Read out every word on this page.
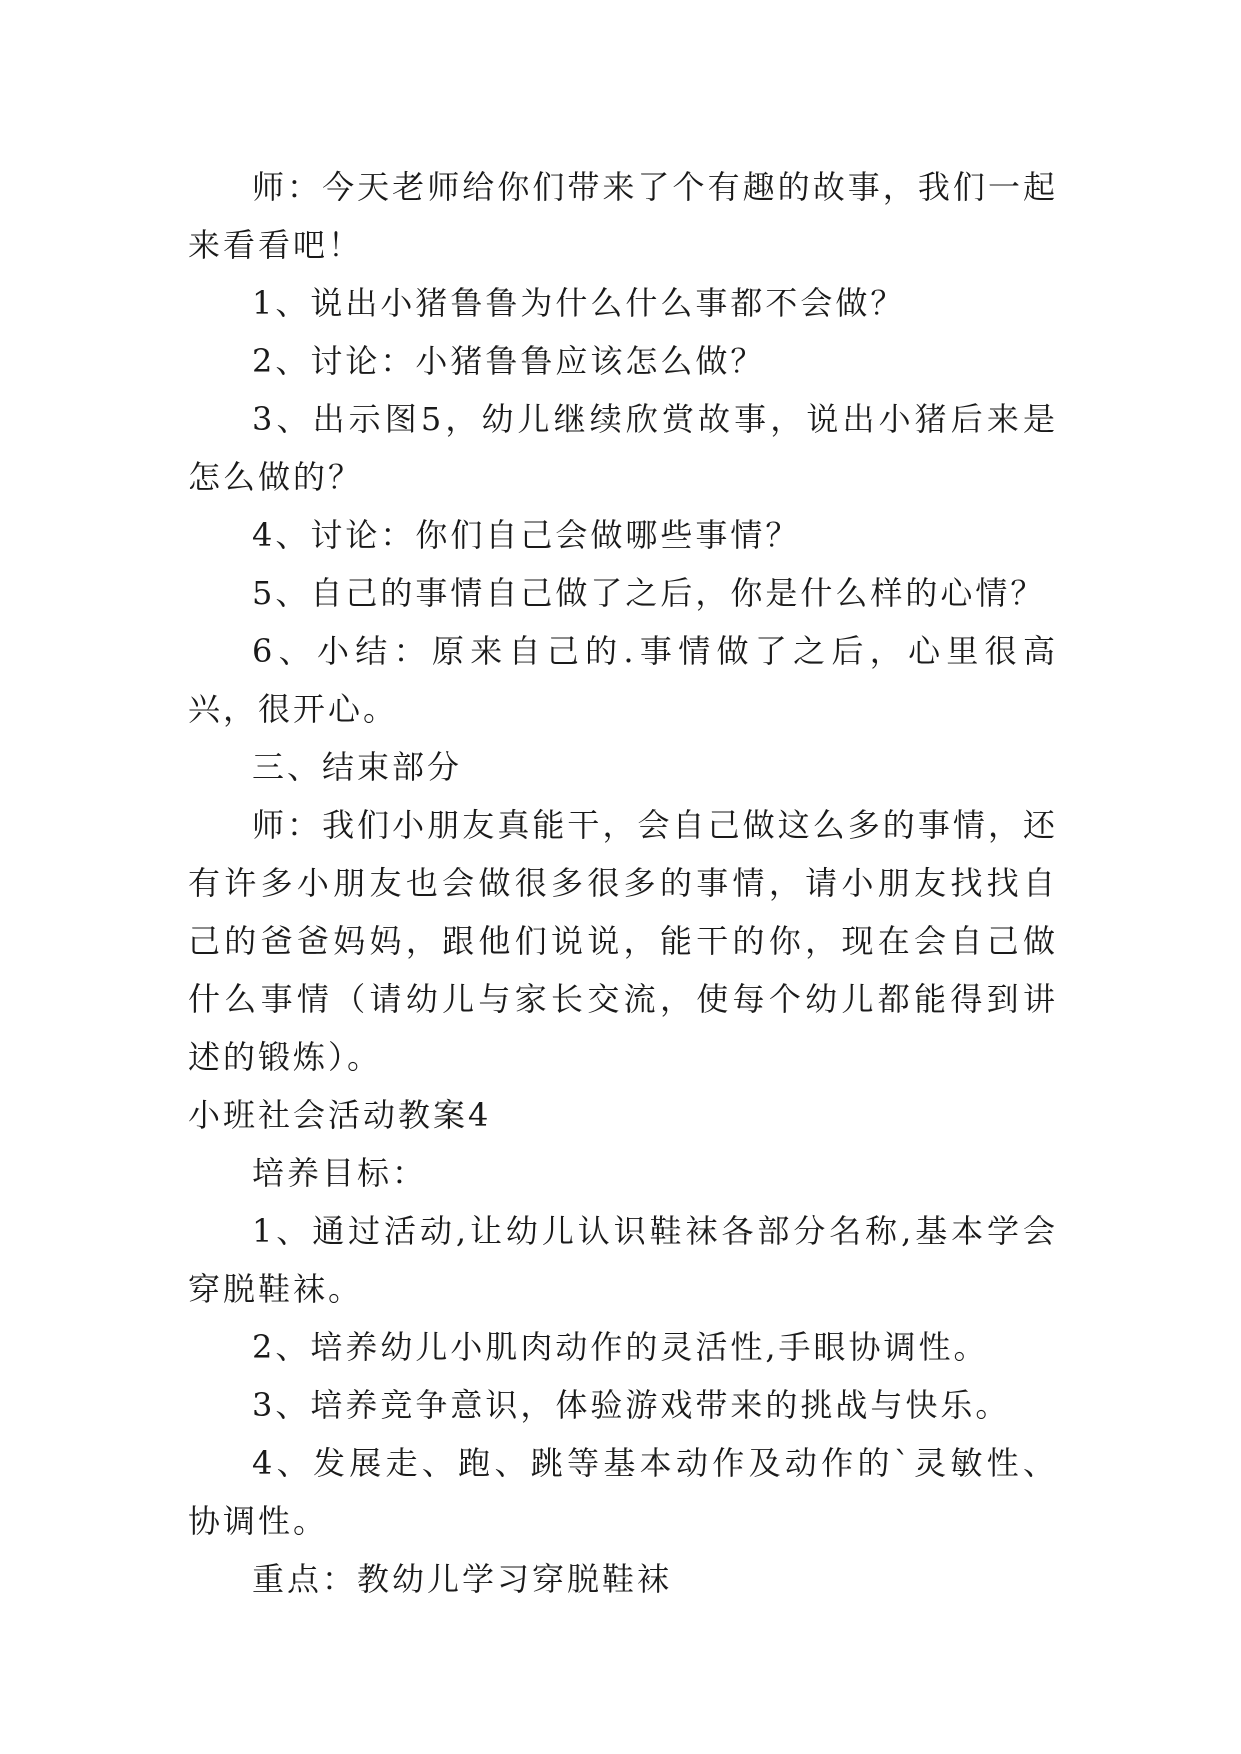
师：今天老师给你们带来了个有趣的故事，我们一起来看看吧！

1、说出小猪鲁鲁为什么什么事都不会做？

2、讨论：小猪鲁鲁应该怎么做？

3、出示图5，幼儿继续欣赏故事，说出小猪后来是怎么做的？

4、讨论：你们自己会做哪些事情？

5、自己的事情自己做了之后，你是什么样的心情？

6、小结：原来自己的.事情做了之后，心里很高兴，很开心。

三、结束部分

师：我们小朋友真能干，会自己做这么多的事情，还有许多小朋友也会做很多很多的事情，请小朋友找找自己的爸爸妈妈，跟他们说说，能干的你，现在会自己做什么事情（请幼儿与家长交流，使每个幼儿都能得到讲述的锻炼）。

小班社会活动教案4

培养目标：

1、通过活动,让幼儿认识鞋袜各部分名称,基本学会穿脱鞋袜。

2、培养幼儿小肌肉动作的灵活性,手眼协调性。

3、培养竞争意识，体验游戏带来的挑战与快乐。

4、发展走、跑、跳等基本动作及动作的`灵敏性、协调性。

重点：教幼儿学习穿脱鞋袜
